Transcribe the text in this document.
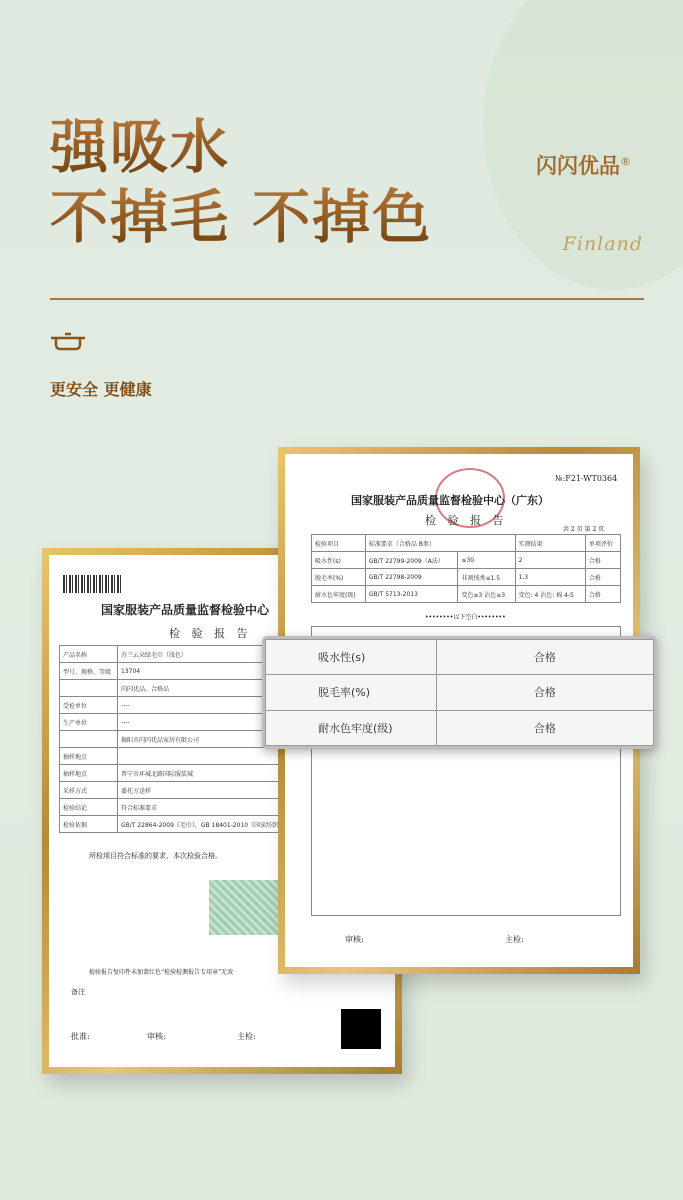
强吸水
不掉毛 不掉色
闪闪优品®
Finland
更安全 更健康
国家服装产品质量监督检验中心
检 验 报 告
产品名称	芬兰云朵绿毛巾（浅色）
型号、规格、等级	13704
	闪闪优品，合格品
受检单位	----
生产单位	----
	揭阳市闪闪优品家居有限公司
抽样地点	
抽样地点	普宁市环城北路国际服装城
采样方式	委托方送样
检验结论	符合标准要求
检验依据	GB/T 22864-2009《毛巾》，GB 18401-2010《国家纺织
所检项目符合标准的要求，本次检验合格。
检验报告复印件未加盖红色“检验检测报告专用章”无效
备注
批准:	审核:	主检:
№:F21-WT0364
国家服装产品质量监督检验中心（广东）
检 验 报 告
共 2 页 第 2 页
检验项目	标准要求（合格品 B类）		实测结果	单项评价
吸水性(s)	GB/T 22799-2009（A法）	≤30	2	合格
脱毛率(%)	GB/T 22798-2009	非割绒类≤1.5	1.3	合格
耐水色牢度(级)	GB/T 5713-2013	变色≥3 沾色≥3	变色: 4 沾色: 棉 4-5	合格
••••••••以下空白••••••••
审核:	主检:
吸水性(s)	合格
脱毛率(%)	合格
耐水色牢度(级)	合格
